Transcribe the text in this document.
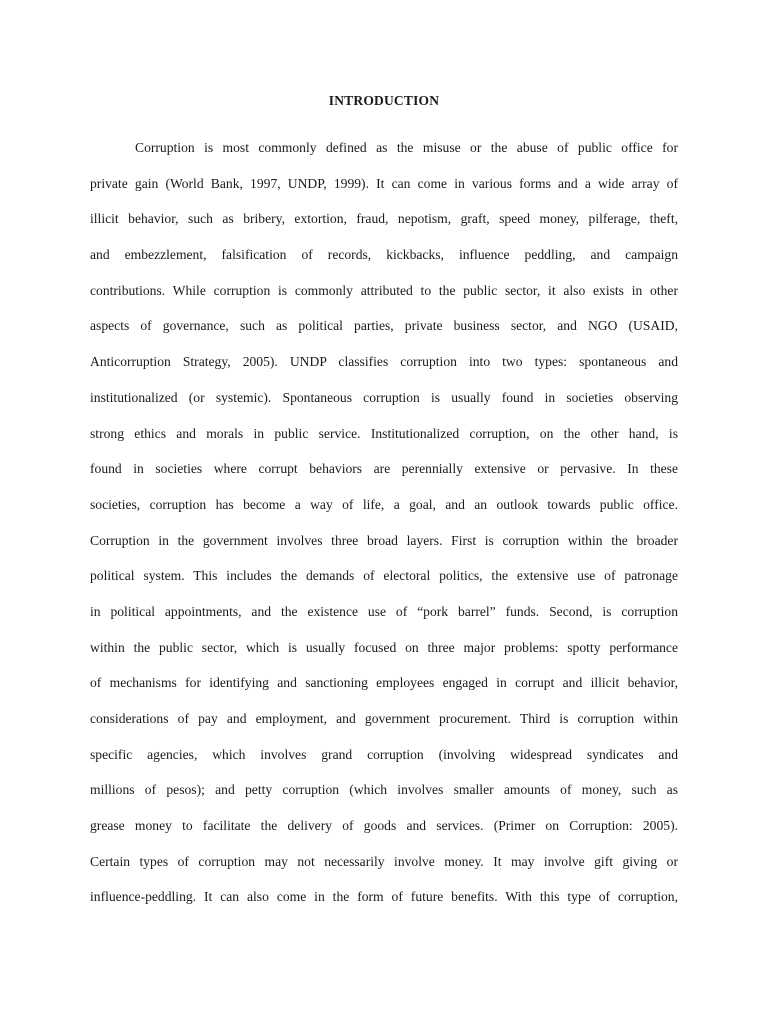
INTRODUCTION
Corruption is most commonly defined as the misuse or the abuse of public office for
private gain (World Bank, 1997, UNDP, 1999). It can come in various forms and a wide array of
illicit behavior, such as bribery, extortion, fraud, nepotism, graft, speed money, pilferage, theft,
and embezzlement, falsification of records, kickbacks, influence peddling, and campaign
contributions. While corruption is commonly attributed to the public sector, it also exists in other
aspects of governance, such as political parties, private business sector, and NGO (USAID,
Anticorruption Strategy, 2005). UNDP classifies corruption into two types: spontaneous and
institutionalized (or systemic). Spontaneous corruption is usually found in societies observing
strong ethics and morals in public service. Institutionalized corruption, on the other hand, is
found in societies where corrupt behaviors are perennially extensive or pervasive. In these
societies, corruption has become a way of life, a goal, and an outlook towards public office.
Corruption in the government involves three broad layers. First is corruption within the broader
political system. This includes the demands of electoral politics, the extensive use of patronage
in political appointments, and the existence use of “pork barrel” funds. Second, is corruption
within the public sector, which is usually focused on three major problems: spotty performance
of mechanisms for identifying and sanctioning employees engaged in corrupt and illicit behavior,
considerations of pay and employment, and government procurement. Third is corruption within
specific agencies, which involves grand corruption (involving widespread syndicates and
millions of pesos); and petty corruption (which involves smaller amounts of money, such as
grease money to facilitate the delivery of goods and services. (Primer on Corruption: 2005).
Certain types of corruption may not necessarily involve money. It may involve gift giving or
influence-peddling. It can also come in the form of future benefits. With this type of corruption,
